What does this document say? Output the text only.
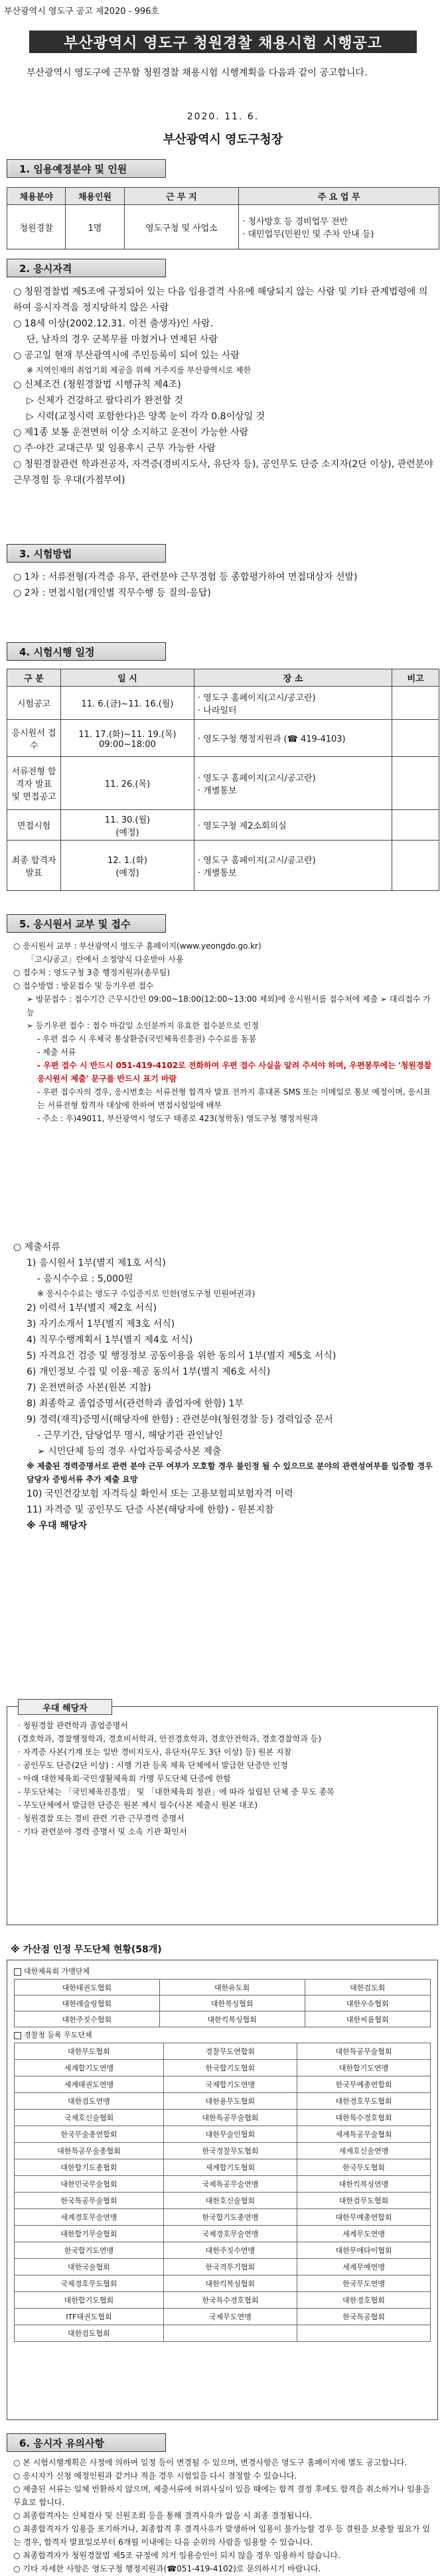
부산광역시 영도구 공고 제2020 - 996호
부산광역시 영도구 청원경찰 채용시험 시행공고
부산광역시 영도구에 근무할 청원경찰 채용시험 시행계획을 다음과 같이 공고합니다.
2020. 11. 6.
부산광역시 영도구청장
1. 임용예정분야 및 인원
채용분야	채용인원	근 무 지	주 요 업 무
청원경찰	1명	영도구청 및 사업소	· 청사방호 등 경비업무 전반
· 대민업무(민원인 및 주차 안내 등)
2. 응시자격

○ 청원경찰법 제5조에 규정되어 있는 다음 임용결격 사유에 해당되지 않는 사람 및 기타 관계법령에 의하여 응시자격을 정지당하지 않은 사람

○ 18세 이상(2002.12.31. 이전 출생자)인 사람.

단, 남자의 경우 군복무를 마쳤거나 면제된 사람

○ 공고일 현재 부산광역시에 주민등록이 되어 있는 사람

※ 지역인재의 취업기회 제공을 위해 거주지를 부산광역시로 제한

○ 신체조건 (청원경찰법 시행규칙 제4조)

▷ 신체가 건강하고 팔다리가 완전할 것

▷ 시력(교정시력 포함한다)은 양쪽 눈이 각각 0.8이상일 것

○ 제1종 보통 운전면허 이상 소지하고 운전이 가능한 사람

○ 주·야간 교대근무 및 임용후시 근무 가능한 사람

○ 청원경찰관련 학과전공자, 자격증(경비지도사, 유단자 등), 공인무도 단증 소지자(2단 이상), 관련분야 근무경험 등 우대(가점부여)

3. 시험방법

○ 1차 : 서류전형(자격증 유무, 관련분야 근무경험 등 종합평가하여 면접대상자 선발)

○ 2차 : 면접시험(개인별 직무수행 등 질의·응답)

4. 시험시행 일정
구 분	일 시	장 소	비고
시험공고	11. 6.(금)~11. 16.(월)	· 영도구 홈페이지(고시/공고란)
· 나라일터	
응시원서 접수	11. 17.(화)~11. 19.(목)
09:00~18:00	· 영도구청 행정지원과 (☎ 419-4103)	
서류전형 합격자 발표 및 면접공고	11. 26.(목)	· 영도구 홈페이지(고시/공고란)
· 개별통보	
면접시험	11. 30.(월)
(예정)	· 영도구청 제2소회의실	
최종 합격자 발표	12. 1.(화)
(예정)	· 영도구 홈페이지(고시/공고란)
· 개별통보	
5. 응시원서 교부 및 접수

○ 응시원서 교부 : 부산광역시 영도구 홈페이지(www.yeongdo.go.kr)

「고시/공고」란에서 소정양식 다운받아 사용

○ 접수처 : 영도구청 3층 행정지원과(총무팀)

○ 접수방법 : 방문접수 및 등기우편 접수

➢ 방문접수 : 접수기간 근무시간인 09:00~18:00(12:00~13:00 제외)에 응시원서를 접수처에 제출 ➢ 대리접수 가능

➢ 등기우편 접수 : 접수 마감일 소인분까지 유효한 접수분으로 인정

- 우편 접수 시 우체국 통상환증(국민체육진흥권) 수수료를 동봉

- 제출 서류

- 우편 접수 시 반드시 051-419-4102로 전화하여 우편 접수 사실을 알려 주셔야 하며, 우편봉투에는 '청원경찰 응시원서 제출' 문구를 반드시 표기 바람

- 우편 접수자의 경우, 응시번호는 서류전형 합격자 발표 전까지 휴대폰 SMS 또는 이메일로 통보 예정이며, 응시표는 서류전형 합격자 대상에 한하여 면접시험일에 배부

- 주소 : 우)49011, 부산광역시 영도구 태종로 423(청학동) 영도구청 행정지원과

○ 제출서류

1) 응시원서 1부(별지 제1호 서식)

- 응시수수료 : 5,000원

※ 응시수수료는 영도구 수입증지로 인한(영도구청 민원여권과)

2) 이력서 1부(별지 제2호 서식)

3) 자기소개서 1부(별지 제3호 서식)

4) 직무수행계획서 1부(별지 제4호 서식)

5) 자격요건 검증 및 행정정보 공동이용을 위한 동의서 1부(별지 제5호 서식)

6) 개인정보 수집 및 이용·제공 동의서 1부(별지 제6호 서식)

7) 운전면허증 사본(원본 지참)

8) 최종학교 졸업증명서(관련학과 졸업자에 한함) 1부

9) 경력(재직)증명서(해당자에 한함) : 관련분야(청원경찰 등) 경력입증 문서

- 근무기간, 담당업무 명시, 해당기관 관인날인

➢ 시민단체 등의 경우 사업자등록증사본 제출

※ 제출된 경력증명서로 관련 분야 근무 여부가 모호할 경우 불인정 될 수 있으므로 분야의 관련성여부를 입증할 경우 담당자 증빙서류 추가 제출 요망

10) 국민건강보험 자격득실 확인서 또는 고용보험피보험자격 이력

11) 자격증 및 공인무도 단증 사본(해당자에 한함) - 원본지참

※ 우대 해당자

우대 해당자

· 청원경찰 관련학과 졸업증명서

(경호학과, 경찰행정학과, 경호비서학과, 안전경호학과, 경호안전학과, 경호경찰학과 등)

· 자격증 사본(기계 또는 일반 경비지도사, 유단자(무도 3단 이상) 등) 원본 지참

· 공인무도 단증(2단 이상) : 시행 기관 등록 체육 단체에서 발급한 단증만 인정

- 아래 대한체육회·국민생활체육회 가맹 무도단체 단증에 한함

- 무도단체는 「국민체육진흥법」 및 「대한체육회 정관」에 따라 설립된 단체 중 무도 종목

- 무도단체에서 발급한 단증은 원본 제시 필수(사본 제출시 원본 대조)

· 청원경찰 또는 경비 관련 기관 근무경력 증명서

· 기타 관련분야 경력 증명서 및 소속 기관 확인서

※ 가산점 인정 무도단체 현황(58개)
대한체육회 가맹단체
대한태권도협회	대한유도회	대한검도회
대한레슬링협회	대한복싱협회	대한우슈협회
대한주짓수협회	대한킥복싱협회	대한씨름협회
경찰청 등록 무도단체
대한무도협회	경찰무도연합회	대한특공무술협회
세계합기도연맹	한국합기도협회	대한합기도연맹
세계태권도연맹	국제합기도연맹	한국무예총연합회
대한검도연맹	대한용무도협회	대한경호무도협회
국제호신술협회	대한특공무술협회	대한특수경호협회
한국무술총연합회	대한무술인협회	세계특공무술협회
대한특공무술총협회	한국경찰무도협회	세계호신술연맹
대한합기도총협회	세계합기도협회	한국무도협회
대한민국무술협회	국제특공무술연맹	대한킥복싱연맹
한국특공무술협회	대한호신술협회	대한검무도협회
세계경호무술연맹	한국합기도총연맹	대한무예총연합회
대한합기무술협회	국제경호무술연맹	세계무도연맹
한국합기도연맹	대한주짓수연맹	대한무에타이협회
대한국술협회	한국격투기협회	세계무예연맹
국제경호무도협회	대한킥복싱협회	한국무도연맹
대한합기도협회	한국특수경호협회	대한경호협회
ITF태권도협회	국제무도연맹	한국특공협회
대한검도협회		
6. 응시자 유의사항

○ 본 시험시행계획은 사정에 의하여 일정 등이 변경될 수 있으며, 변경사항은 영도구 홈페이지에 별도 공고합니다.

○ 응시자가 신청 예정인원과 같거나 적을 경우 시험일을 다시 결정할 수 있습니다.

○ 제출된 서류는 일체 반환하지 않으며, 제출서류에 허위사실이 있을 때에는 합격 결정 후에도 합격을 취소하거나 임용을 무효로 합니다.

○ 최종합격자는 신체검사 및 신원조회 등을 통해 결격사유가 없을 시 최종 결정됩니다.

○ 최종합격자가 임용을 포기하거나, 최종합격 후 결격사유가 발생하여 임용이 불가능할 경우 등 결원을 보충할 필요가 있는 경우, 합격자 발표일로부터 6개월 이내에는 다음 순위의 사람을 임용할 수 있습니다.

○ 최종합격자가 청원경찰법 제5조 규정에 의거 임용승인이 되지 않을 경우 임용하지 않습니다.

○ 기타 자세한 사항은 영도구청 행정지원과(☎051-419-4102)로 문의하시기 바랍니다.
